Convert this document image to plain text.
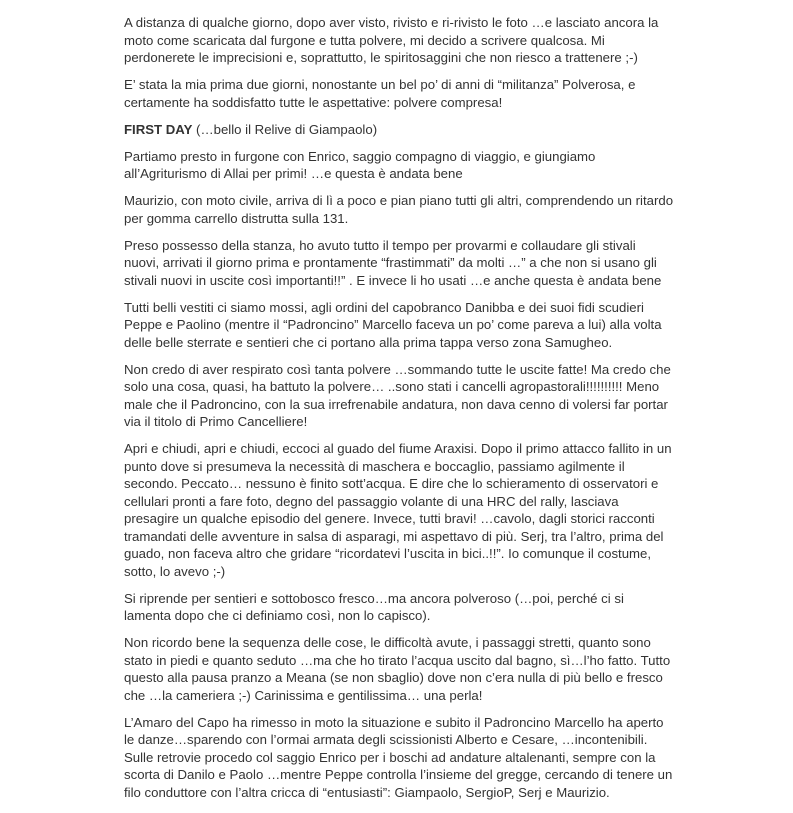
A distanza di qualche giorno, dopo aver visto, rivisto e ri-rivisto le foto …e lasciato ancora la moto come scaricata dal furgone e tutta polvere, mi decido a scrivere qualcosa. Mi perdonerete le imprecisioni e, soprattutto, le spiritosaggini che non riesco a trattenere ;-)

E’ stata la mia prima due giorni, nonostante un bel po’ di anni di “militanza” Polverosa, e certamente ha soddisfatto tutte le aspettative: polvere compresa!

FIRST DAY (…bello il Relive di Giampaolo)

Partiamo presto in furgone con Enrico, saggio compagno di viaggio, e giungiamo all’Agriturismo di Allai per primi! …e questa è andata bene

Maurizio, con moto civile, arriva di lì a poco e pian piano tutti gli altri, comprendendo un ritardo per gomma carrello distrutta sulla 131.

Preso possesso della stanza, ho avuto tutto il tempo per provarmi e collaudare gli stivali nuovi, arrivati il giorno prima e prontamente “frastimmati” da molti …” a che non si usano gli stivali nuovi in uscite così importanti!!” . E invece li ho usati …e anche questa è andata bene

Tutti belli vestiti ci siamo mossi, agli ordini del capobranco Danibba e dei suoi fidi scudieri Peppe e Paolino (mentre il “Padroncino” Marcello faceva un po’ come pareva a lui) alla volta delle belle sterrate e sentieri che ci portano alla prima tappa verso zona Samugheo.

Non credo di aver respirato così tanta polvere …sommando tutte le uscite fatte! Ma credo che solo una cosa, quasi, ha battuto la polvere… ..sono stati i cancelli agropastorali!!!!!!!!!! Meno male che il Padroncino, con la sua irrefrenabile andatura, non dava cenno di volersi far portar via il titolo di Primo Cancelliere!

Apri e chiudi, apri e chiudi, eccoci al guado del fiume Araxisi. Dopo il primo attacco fallito in un punto dove si presumeva la necessità di maschera e boccaglio, passiamo agilmente il secondo. Peccato… nessuno è finito sott’acqua. E dire che lo schieramento di osservatori e cellulari pronti a fare foto, degno del passaggio volante di una HRC del rally, lasciava presagire un qualche episodio del genere. Invece, tutti bravi! …cavolo, dagli storici racconti tramandati delle avventure in salsa di asparagi, mi aspettavo di più. Serj, tra l’altro, prima del guado, non faceva altro che gridare “ricordatevi l’uscita in bici..!!”. Io comunque il costume, sotto, lo avevo ;-)

Si riprende per sentieri e sottobosco fresco…ma ancora polveroso (…poi, perché ci si lamenta dopo che ci definiamo così, non lo capisco).

Non ricordo bene la sequenza delle cose, le difficoltà avute, i passaggi stretti, quanto sono stato in piedi e quanto seduto …ma che ho tirato l’acqua uscito dal bagno, sì…l’ho fatto. Tutto questo alla pausa pranzo a Meana (se non sbaglio) dove non c’era nulla di più bello e fresco che …la cameriera ;-) Carinissima e gentilissima… una perla!

L’Amaro del Capo ha rimesso in moto la situazione e subito il Padroncino Marcello ha aperto le danze…sparendo con l’ormai armata degli scissionisti Alberto e Cesare, …incontenibili. Sulle retrovie procedo col saggio Enrico per i boschi ad andature altalenanti, sempre con la scorta di Danilo e Paolo …mentre Peppe controlla l’insieme del gregge, cercando di tenere un filo conduttore con l’altra cricca di “entusiasti”: Giampaolo, SergioP, Serj e Maurizio.
